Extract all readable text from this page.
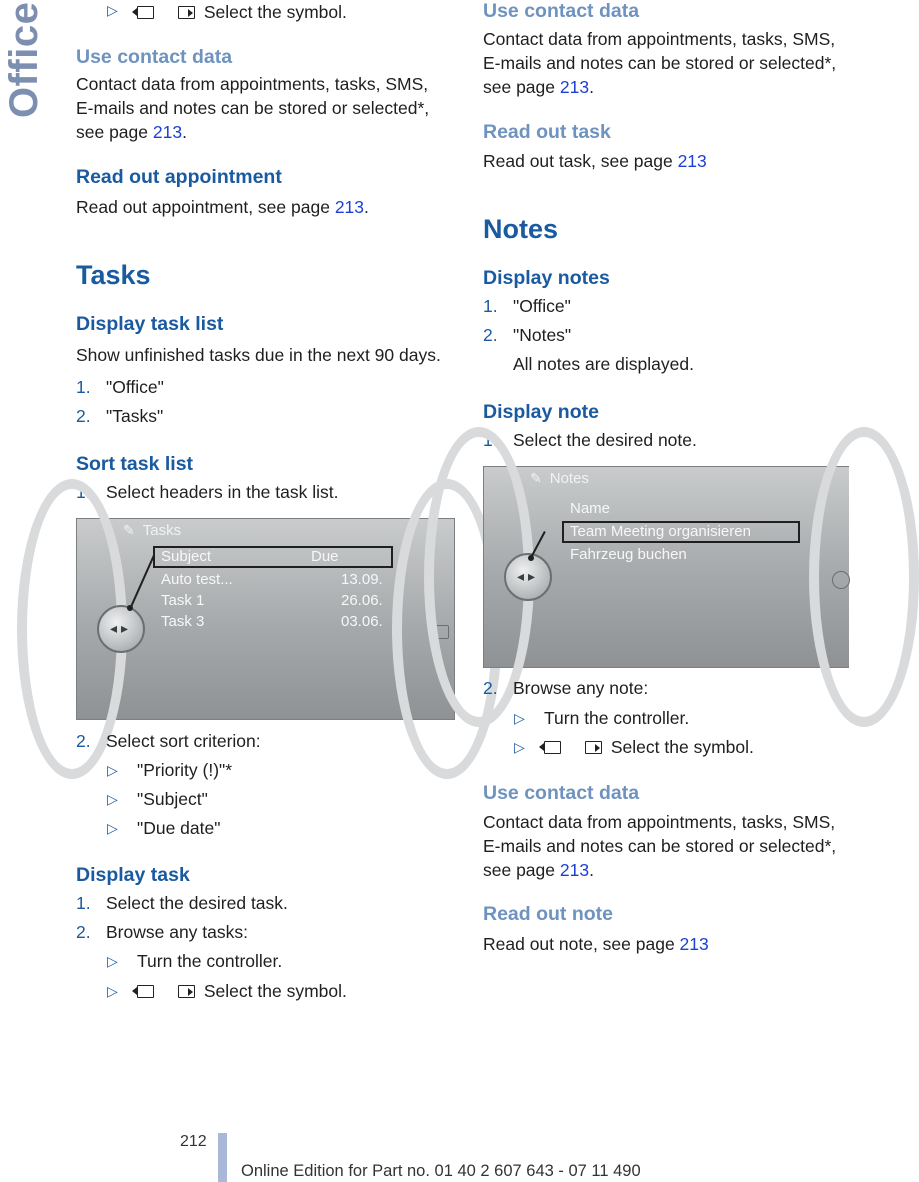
Office	▷	Select the symbol.
Use contact data
Contact data from appointments, tasks, SMS,
E-mails and notes can be stored or selected*,
see page 213.
Read out appointment
Read out appointment, see page 213.
Tasks
Display task list
Show unfinished tasks due in the next 90 days.
1. "Office"
2. "Tasks"
Sort task list
1. Select headers in the task list.
◂▸
✎ Tasks
Subject	Due
Auto test...	13.09.
Task 1	26.06.
Task 3	03.06.
2. Select sort criterion:
▷ "Priority (!)"*
▷ "Subject"
▷ "Due date"
Display task
1. Select the desired task.
2. Browse any tasks:
▷ Turn the controller.
▷	Select the symbol.
Use contact data
Contact data from appointments, tasks, SMS,
E-mails and notes can be stored or selected*,
see page 213.
Read out task
Read out task, see page 213
Notes
Display notes
1. "Office"
2. "Notes"
All notes are displayed.
Display note
1. Select the desired note.
◂▸
✎ Notes
Name
Team Meeting organisieren
Fahrzeug buchen
2. Browse any note:
▷ Turn the controller.
▷	Select the symbol.
Use contact data
Contact data from appointments, tasks, SMS,
E-mails and notes can be stored or selected*,
see page 213.
Read out note
Read out note, see page 213
212
Online Edition for Part no. 01 40 2 607 643 - 07 11 490
